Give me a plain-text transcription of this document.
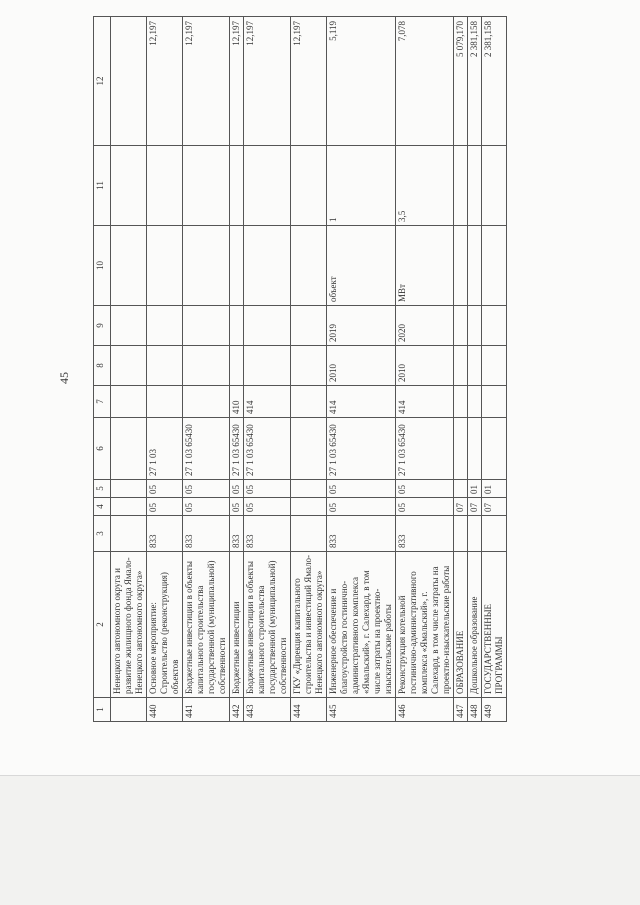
45
1	2	3	4	5	6	7	8	9	10	11	12
	Ненецкого автономного округа и развитие жилищного фонда Ямало-Ненецкого автономного округа»										
440	Основное мероприятие: Строительство (реконструкция) объектов	833	05	05	27 1 03						12,197
441	Бюджетные инвестиции в объекты капитального строительства государственной (муниципальной) собственности	833	05	05	27 1 03 65430						12,197
442	Бюджетные инвестиции	833	05	05	27 1 03 65430	410					12,197
443	Бюджетные инвестиции в объекты капитального строительства государственной (муниципальной) собственности	833	05	05	27 1 03 65430	414					12,197
444	ГКУ «Дирекция капитального строительства и инвестиций Ямало-Ненецкого автономного округа»										12,197
445	Инженерное обеспечение и благоустройство гостинично-административного комплекса «Ямальский», г. Салехард, в том числе затраты на проектно-изыскательские работы	833	05	05	27 1 03 65430	414	2010	2019	объект	1	5,119
446	Реконструкция котельной гостинично-административного комплекса «Ямальский», г. Салехард, в том числе затраты на проектно-изыскательские работы	833	05	05	27 1 03 65430	414	2010	2020	МВт	3,5	7,078
447	ОБРАЗОВАНИЕ		07								5 079,170
448	Дошкольное образование		07	01							2 381,158
449	ГОСУДАРСТВЕННЫЕ ПРОГРАММЫ		07	01							2 381,158
